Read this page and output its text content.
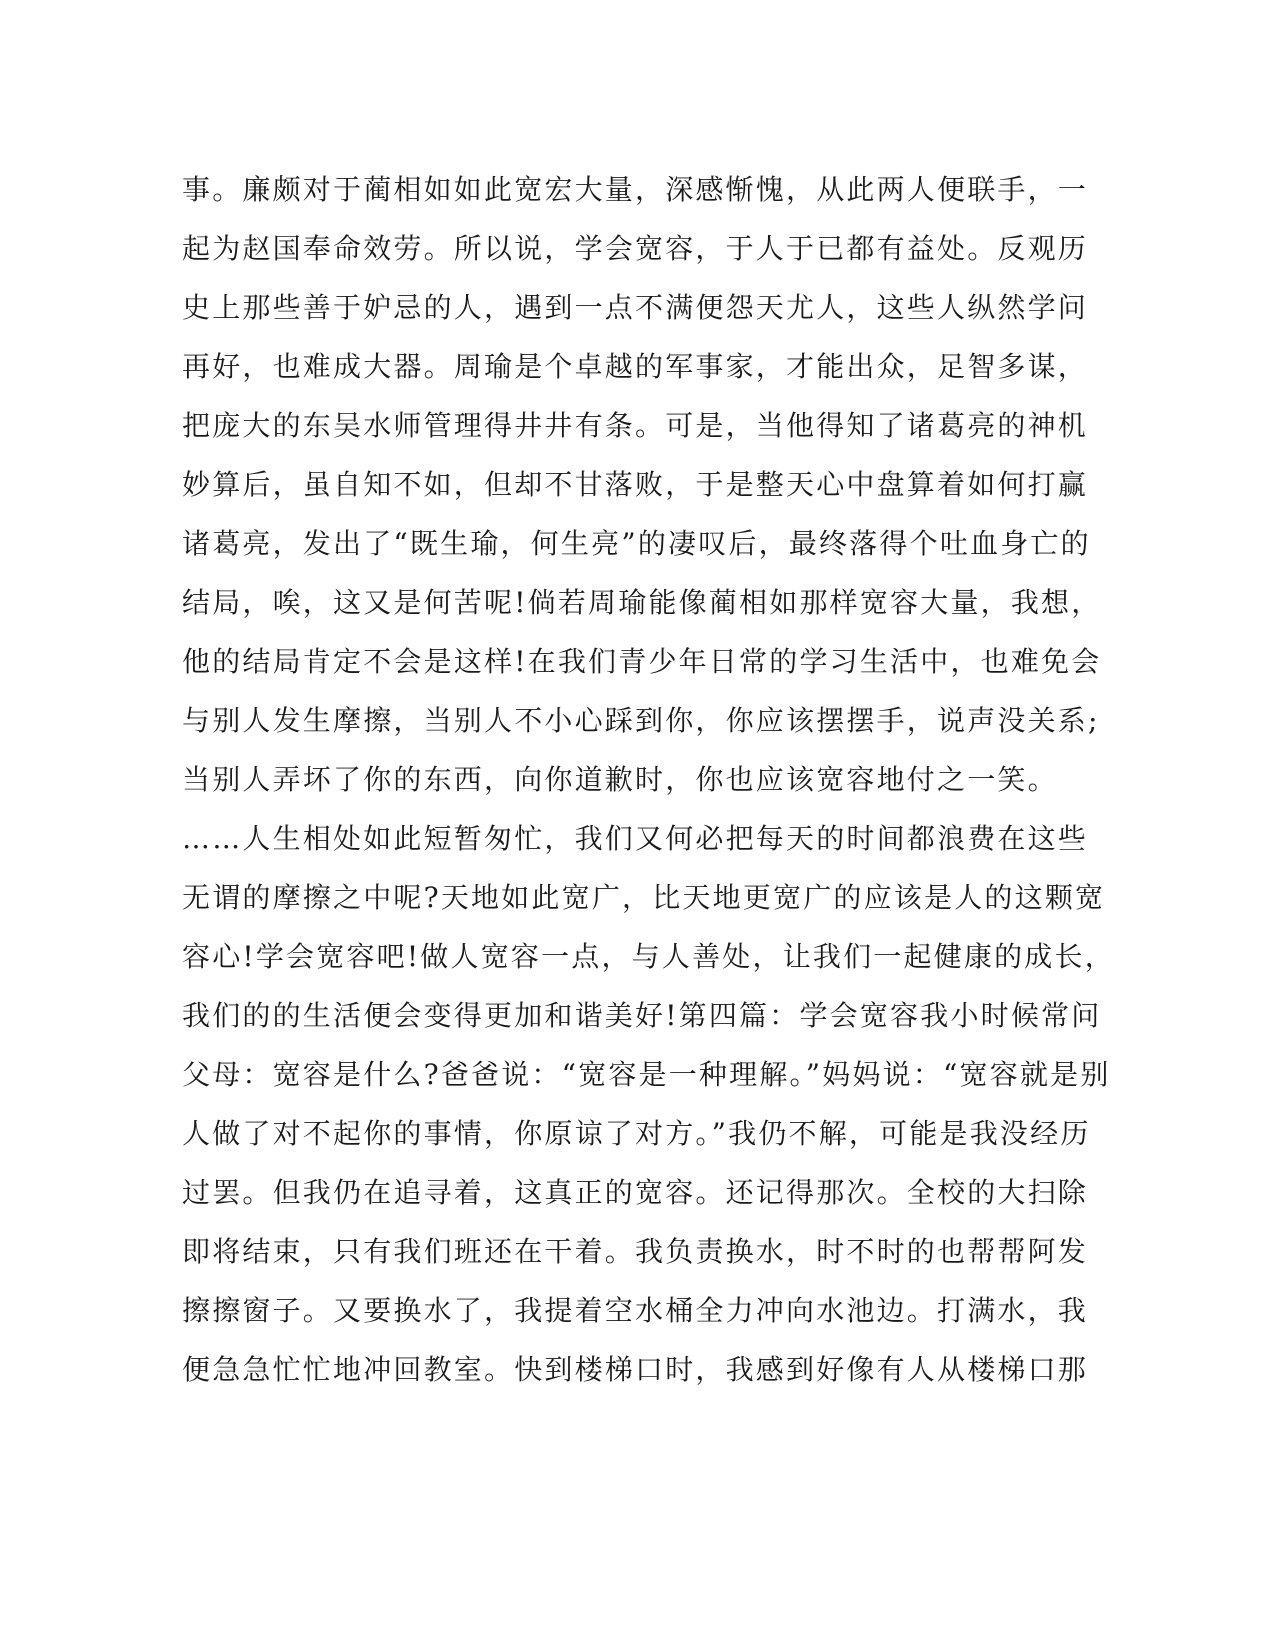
事。廉颇对于蔺相如如此宽宏大量，深感惭愧，从此两人便联手，一
起为赵国奉命效劳。所以说，学会宽容，于人于已都有益处。反观历
史上那些善于妒忌的人，遇到一点不满便怨天尤人，这些人纵然学问
再好，也难成大器。周瑜是个卓越的军事家，才能出众，足智多谋，
把庞大的东吴水师管理得井井有条。可是，当他得知了诸葛亮的神机
妙算后，虽自知不如，但却不甘落败，于是整天心中盘算着如何打赢
诸葛亮，发出了“既生瑜，何生亮”的凄叹后，最终落得个吐血身亡的
结局，唉，这又是何苦呢!倘若周瑜能像蔺相如那样宽容大量，我想，
他的结局肯定不会是这样!在我们青少年日常的学习生活中，也难免会
与别人发生摩擦，当别人不小心踩到你，你应该摆摆手，说声没关系;
当别人弄坏了你的东西，向你道歉时，你也应该宽容地付之一笑。
……人生相处如此短暂匆忙，我们又何必把每天的时间都浪费在这些
无谓的摩擦之中呢?天地如此宽广，比天地更宽广的应该是人的这颗宽
容心!学会宽容吧!做人宽容一点，与人善处，让我们一起健康的成长，
我们的的生活便会变得更加和谐美好!第四篇：学会宽容我小时候常问
父母：宽容是什么?爸爸说：“宽容是一种理解。”妈妈说：“宽容就是别
人做了对不起你的事情，你原谅了对方。”我仍不解，可能是我没经历
过罢。但我仍在追寻着，这真正的宽容。还记得那次。全校的大扫除
即将结束，只有我们班还在干着。我负责换水，时不时的也帮帮阿发
擦擦窗子。又要换水了，我提着空水桶全力冲向水池边。打满水，我
便急急忙忙地冲回教室。快到楼梯口时，我感到好像有人从楼梯口那
